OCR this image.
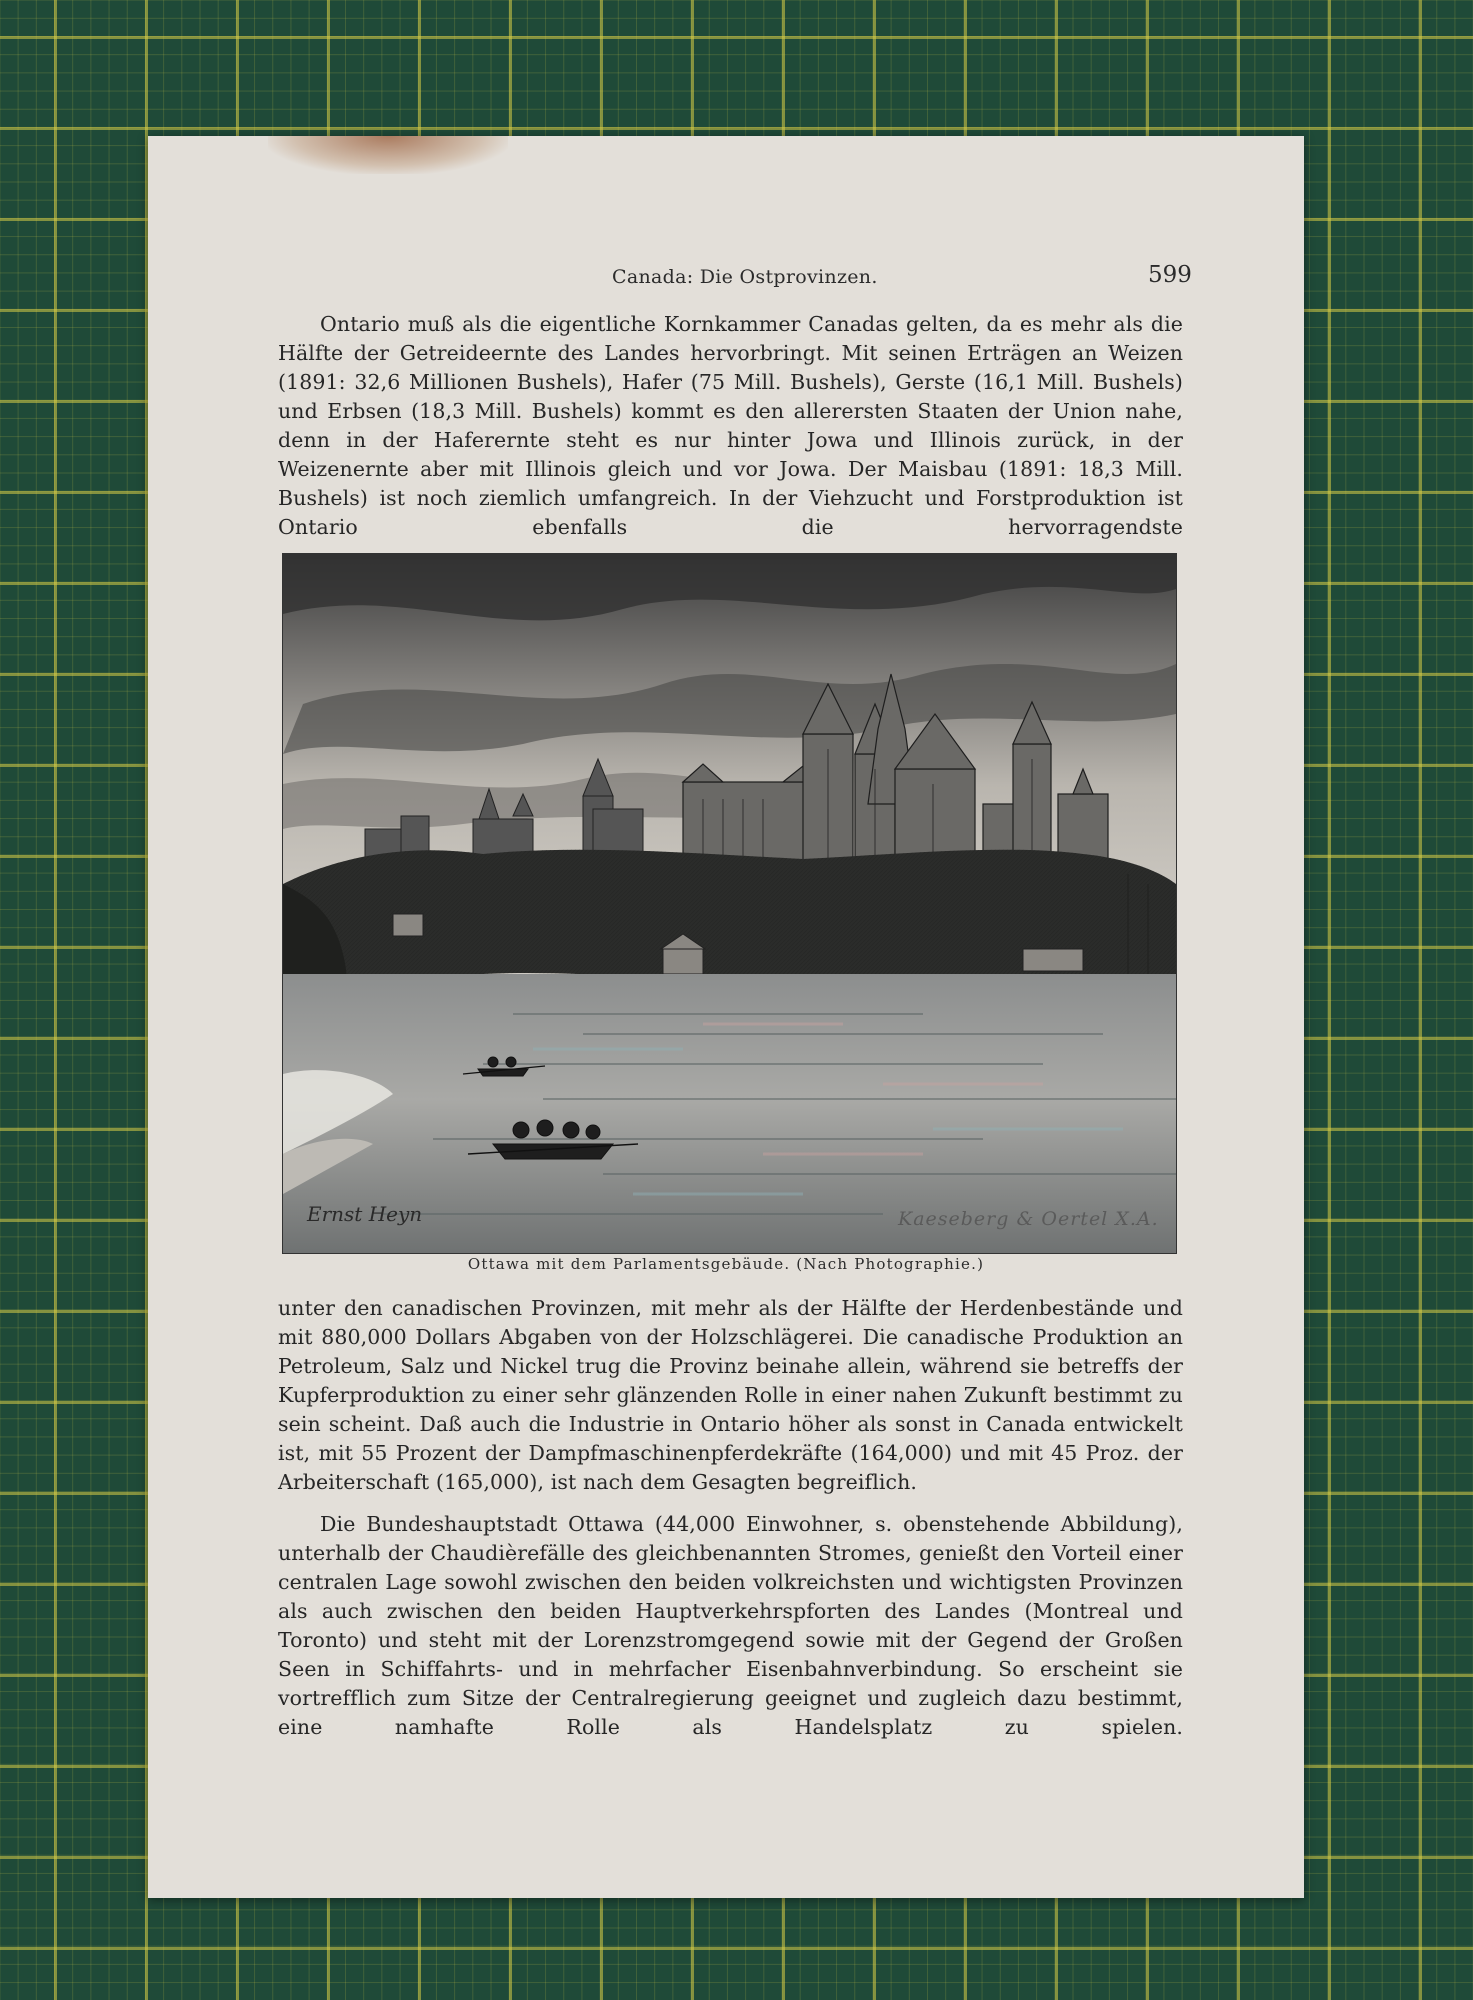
Canada: Die Ostprovinzen.	599

Ontario muß als die eigentliche Kornkammer Canadas gelten, da es mehr als die Hälfte der Getreideernte des Landes hervorbringt. Mit seinen Erträgen an Weizen (1891: 32,6 Millionen Bushels), Hafer (75 Mill. Bushels), Gerste (16,1 Mill. Bushels) und Erbsen (18,3 Mill. Bushels) kommt es den allerersten Staaten der Union nahe, denn in der Haferernte steht es nur hinter Jowa und Illinois zurück, in der Weizenernte aber mit Illinois gleich und vor Jowa. Der Maisbau (1891: 18,3 Mill. Bushels) ist noch ziemlich umfangreich. In der Viehzucht und Forstproduktion ist Ontario ebenfalls die hervorragendste

Ernst Heyn	Kaeseberg & Oertel X.A.
Ottawa mit dem Parlamentsgebäude. (Nach Photographie.)

unter den canadischen Provinzen, mit mehr als der Hälfte der Herdenbestände und mit 880,000 Dollars Abgaben von der Holzschlägerei. Die canadische Produktion an Petroleum, Salz und Nickel trug die Provinz beinahe allein, während sie betreffs der Kupferproduktion zu einer sehr glänzenden Rolle in einer nahen Zukunft bestimmt zu sein scheint. Daß auch die Industrie in Ontario höher als sonst in Canada entwickelt ist, mit 55 Prozent der Dampfmaschinenpferdekräfte (164,000) und mit 45 Proz. der Arbeiterschaft (165,000), ist nach dem Gesagten begreiflich.

Die Bundeshauptstadt Ottawa (44,000 Einwohner, s. obenstehende Abbildung), unterhalb der Chaudièrefälle des gleichbenannten Stromes, genießt den Vorteil einer centralen Lage sowohl zwischen den beiden volkreichsten und wichtigsten Provinzen als auch zwischen den beiden Hauptverkehrspforten des Landes (Montreal und Toronto) und steht mit der Lorenzstromgegend sowie mit der Gegend der Großen Seen in Schiffahrts- und in mehrfacher Eisenbahnverbindung. So erscheint sie vortrefflich zum Sitze der Centralregierung geeignet und zugleich dazu bestimmt, eine namhafte Rolle als Handelsplatz zu spielen.
